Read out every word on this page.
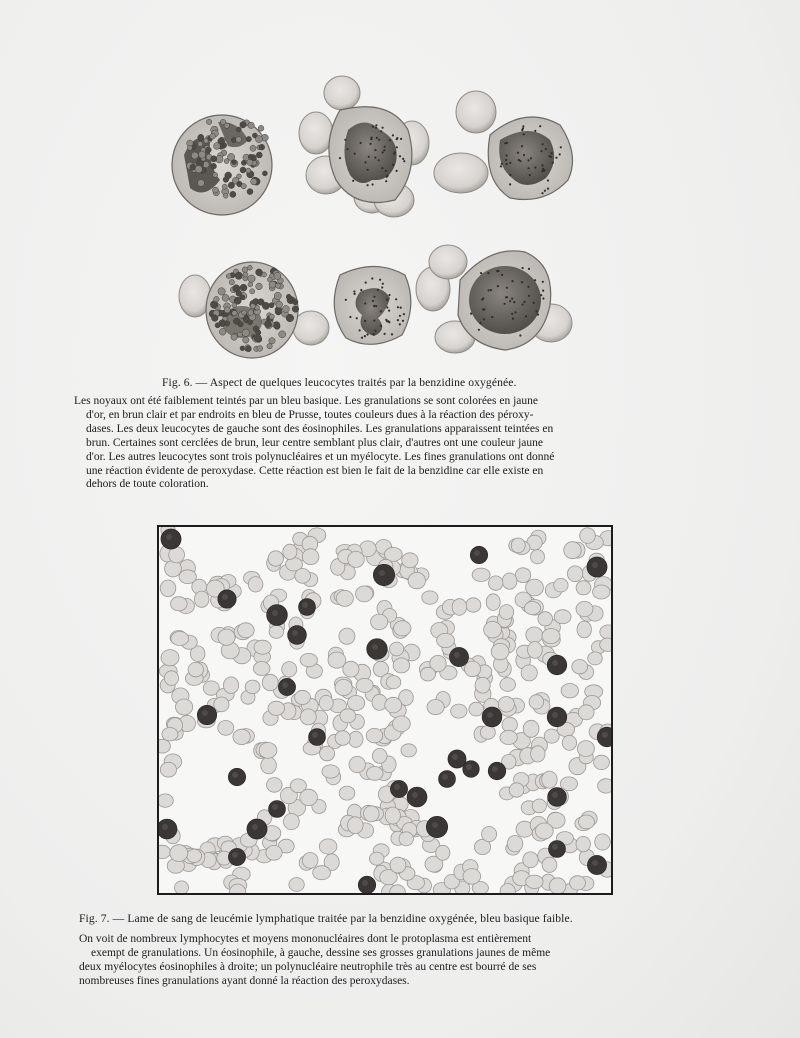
Fig. 6. — Aspect de quelques leucocytes traités par la benzidine oxygénée.

Les noyaux ont été faiblement teintés par un bleu basique. Les granulations se sont colorées en jaune
d'or, en brun clair et par endroits en bleu de Prusse, toutes couleurs dues à la réaction des péroxy-
dases. Les deux leucocytes de gauche sont des éosinophiles. Les granulations apparaissent teintées en
brun. Certaines sont cerclées de brun, leur centre semblant plus clair, d'autres ont une couleur jaune
d'or. Les autres leucocytes sont trois polynucléaires et un myélocyte. Les fines granulations ont donné
une réaction évidente de peroxydase. Cette réaction est bien le fait de la benzidine car elle existe en
dehors de toute coloration.

Fig. 7. — Lame de sang de leucémie lymphatique traitée par la benzidine oxygénée, bleu basique faible.

On voit de nombreux lymphocytes et moyens mononucléaires dont le protoplasma est entièrement
exempt de granulations. Un éosinophile, à gauche, dessine ses grosses granulations jaunes de même
deux myélocytes éosinophiles à droite; un polynucléaire neutrophile très au centre est bourré de ses
nombreuses fines granulations ayant donné la réaction des peroxydases.
